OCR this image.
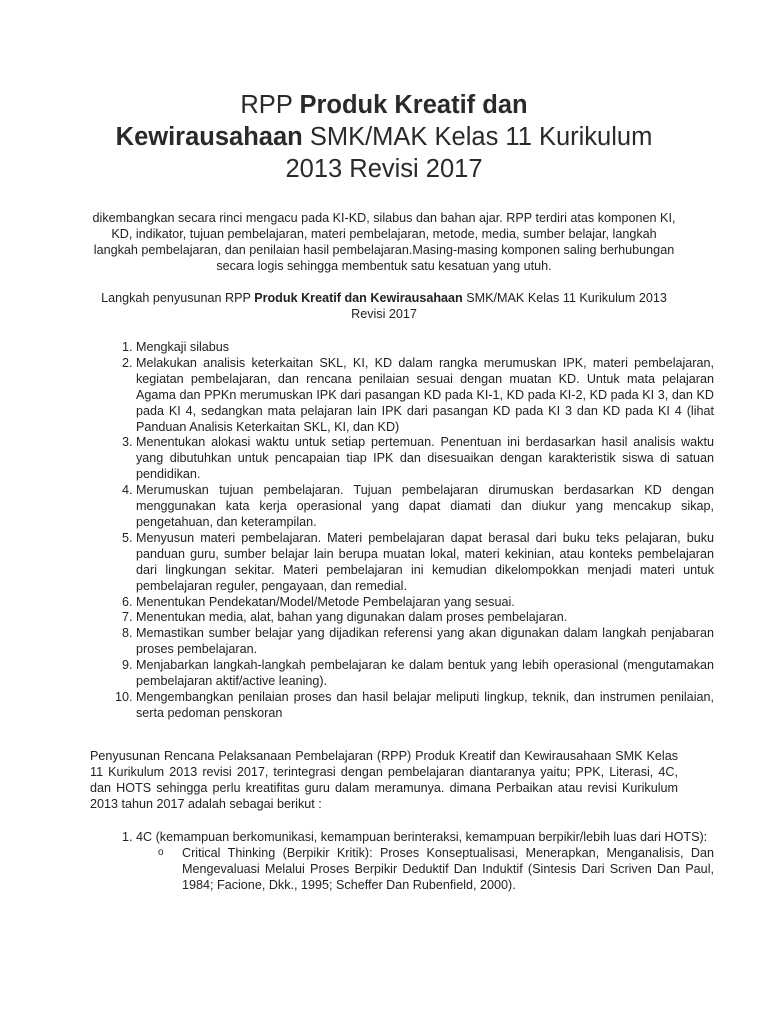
RPP Produk Kreatif dan
Kewirausahaan SMK/MAK Kelas 11 Kurikulum
2013 Revisi 2017

dikembangkan secara rinci mengacu pada KI-KD, silabus dan bahan ajar. RPP terdiri atas komponen KI, KD, indikator, tujuan pembelajaran, materi pembelajaran, metode, media, sumber belajar, langkah langkah pembelajaran, dan penilaian hasil pembelajaran.Masing-masing komponen saling berhubungan secara logis sehingga membentuk satu kesatuan yang utuh.

Langkah penyusunan RPP Produk Kreatif dan Kewirausahaan SMK/MAK Kelas 11 Kurikulum 2013 Revisi 2017

1. Mengkaji silabus
2. Melakukan analisis keterkaitan SKL, KI, KD dalam rangka merumuskan IPK, materi pembelajaran, kegiatan pembelajaran, dan rencana penilaian sesuai dengan muatan KD. Untuk mata pelajaran Agama dan PPKn merumuskan IPK dari pasangan KD pada KI-1, KD pada KI-2, KD pada KI 3, dan KD pada KI 4, sedangkan mata pelajaran lain IPK dari pasangan KD pada KI 3 dan KD pada KI 4 (lihat Panduan Analisis Keterkaitan SKL, KI, dan KD)
3. Menentukan alokasi waktu untuk setiap pertemuan. Penentuan ini berdasarkan hasil analisis waktu yang dibutuhkan untuk pencapaian tiap IPK dan disesuaikan dengan karakteristik siswa di satuan pendidikan.
4. Merumuskan tujuan pembelajaran. Tujuan pembelajaran dirumuskan berdasarkan KD dengan menggunakan kata kerja operasional yang dapat diamati dan diukur yang mencakup sikap, pengetahuan, dan keterampilan.
5. Menyusun materi pembelajaran. Materi pembelajaran dapat berasal dari buku teks pelajaran, buku panduan guru, sumber belajar lain berupa muatan lokal, materi kekinian, atau konteks pembelajaran dari lingkungan sekitar. Materi pembelajaran ini kemudian dikelompokkan menjadi materi untuk pembelajaran reguler, pengayaan, dan remedial.
6. Menentukan Pendekatan/Model/Metode Pembelajaran yang sesuai.
7. Menentukan media, alat, bahan yang digunakan dalam proses pembelajaran.
8. Memastikan sumber belajar yang dijadikan referensi yang akan digunakan dalam langkah penjabaran proses pembelajaran.
9. Menjabarkan langkah-langkah pembelajaran ke dalam bentuk yang lebih operasional (mengutamakan pembelajaran aktif/active leaning).
10. Mengembangkan penilaian proses dan hasil belajar meliputi lingkup, teknik, dan instrumen penilaian, serta pedoman penskoran

Penyusunan Rencana Pelaksanaan Pembelajaran (RPP) Produk Kreatif dan Kewirausahaan SMK Kelas 11 Kurikulum 2013 revisi 2017, terintegrasi dengan pembelajaran diantaranya yaitu; PPK, Literasi, 4C, dan HOTS sehingga perlu kreatifitas guru dalam meramunya. dimana Perbaikan atau revisi Kurikulum 2013 tahun 2017 adalah sebagai berikut :

1. 4C (kemampuan berkomunikasi, kemampuan berinteraksi, kemampuan berpikir/lebih luas dari HOTS):
o Critical Thinking (Berpikir Kritik): Proses Konseptualisasi, Menerapkan, Menganalisis, Dan Mengevaluasi Melalui Proses Berpikir Deduktif Dan Induktif (Sintesis Dari Scriven Dan Paul, 1984; Facione, Dkk., 1995; Scheffer Dan Rubenfield, 2000).
